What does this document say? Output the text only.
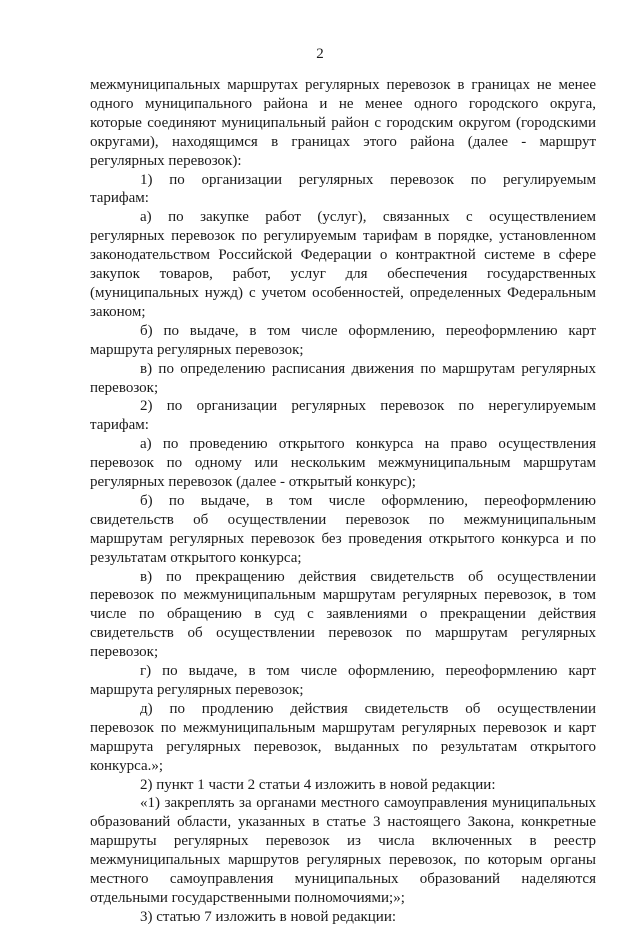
2
межмуниципальных маршрутах регулярных перевозок в границах не менее
одного муниципального района и не менее одного городского округа,
которые соединяют муниципальный район с городским округом (городскими
округами), находящимся в границах этого района (далее - маршрут
регулярных перевозок):
1) по организации регулярных перевозок по регулируемым
тарифам:
а) по закупке работ (услуг), связанных с осуществлением
регулярных перевозок по регулируемым тарифам в порядке, установленном
законодательством Российской Федерации о контрактной системе в сфере
закупок товаров, работ, услуг для обеспечения государственных
(муниципальных нужд) с учетом особенностей, определенных Федеральным
законом;
б) по выдаче, в том числе оформлению, переоформлению карт
маршрута регулярных перевозок;
в) по определению расписания движения по маршрутам регулярных
перевозок;
2) по организации регулярных перевозок по нерегулируемым
тарифам:
а) по проведению открытого конкурса на право осуществления
перевозок по одному или нескольким межмуниципальным маршрутам
регулярных перевозок (далее - открытый конкурс);
б) по выдаче, в том числе оформлению, переоформлению
свидетельств об осуществлении перевозок по межмуниципальным
маршрутам регулярных перевозок без проведения открытого конкурса и по
результатам открытого конкурса;
в) по прекращению действия свидетельств об осуществлении
перевозок по межмуниципальным маршрутам регулярных перевозок, в том
числе по обращению в суд с заявлениями о прекращении действия
свидетельств об осуществлении перевозок по маршрутам регулярных
перевозок;
г) по выдаче, в том числе оформлению, переоформлению карт
маршрута регулярных перевозок;
д) по продлению действия свидетельств об осуществлении
перевозок по межмуниципальным маршрутам регулярных перевозок и карт
маршрута регулярных перевозок, выданных по результатам открытого
конкурса.»;
2) пункт 1 части 2 статьи 4 изложить в новой редакции:
«1) закреплять за органами местного самоуправления муниципальных
образований области, указанных в статье 3 настоящего Закона, конкретные
маршруты регулярных перевозок из числа включенных в реестр
межмуниципальных маршрутов регулярных перевозок, по которым органы
местного самоуправления муниципальных образований наделяются
отдельными государственными полномочиями;»;
3) статью 7 изложить в новой редакции:
